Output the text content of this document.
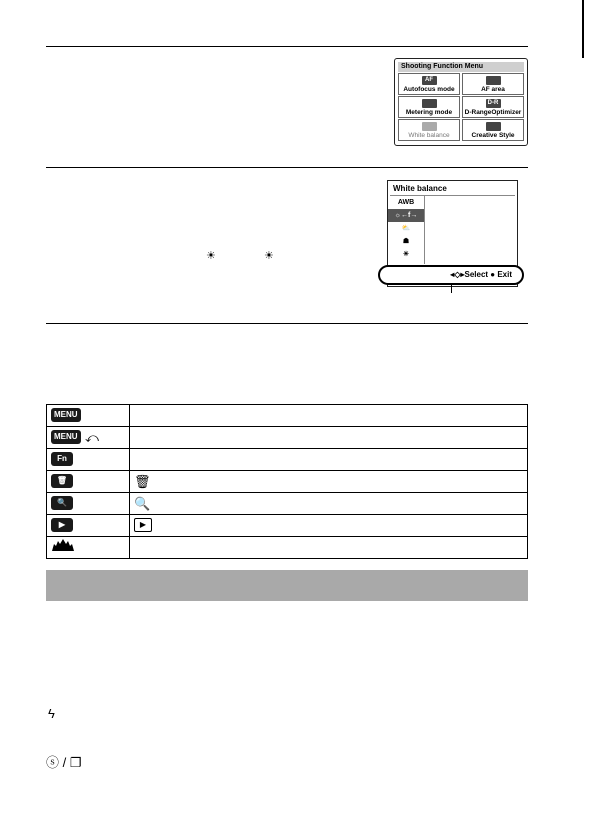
Shooting Function Menu
AF
Autofocus mode	AF area
Metering mode
D-R
D-RangeOptimizer
White balance	Creative Style
White balance
AWB
☼←f→
⛅
☗
☀
◂◇▸Select ● Exit
☀	☀
MENU	
MENU ⤺	
Fn	
🗑	🗑
🔍	🔍
▶	▶

ϟ
ⓢ / ❐
